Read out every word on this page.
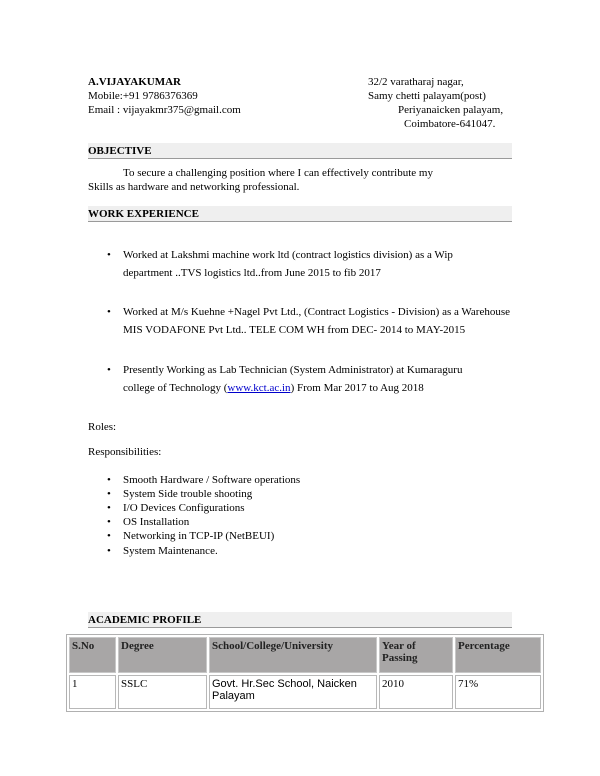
A.VIJAYAKUMAR
Mobile:+91 9786376369
Email : vijayakmr375@gmail.com
32/2 varatharaj nagar,
Samy chetti palayam(post)
Periyanaicken palayam,
Coimbatore-641047.
OBJECTIVE
To secure a challenging position where I can effectively contribute my
Skills as hardware and networking professional.
WORK EXPERIENCE
• Worked at Lakshmi machine work ltd (contract logistics division) as a Wip
department ..TVS logistics ltd..from June 2015 to fib 2017
• Worked at M/s Kuehne +Nagel Pvt Ltd., (Contract Logistics - Division) as a Warehouse
MIS VODAFONE Pvt Ltd.. TELE COM WH from DEC- 2014 to MAY-2015
• Presently Working as Lab Technician (System Administrator) at Kumaraguru
college of Technology (www.kct.ac.in) From Mar 2017 to Aug 2018
Roles:
Responsibilities:
• Smooth Hardware / Software operations
• System Side trouble shooting
• I/O Devices Configurations
• OS Installation
• Networking in TCP-IP (NetBEUI)
• System Maintenance.
ACADEMIC PROFILE
S.No	Degree	School/College/University	Year of Passing	Percentage
1	SSLC	Govt. Hr.Sec School, Naicken Palayam	2010	71%
